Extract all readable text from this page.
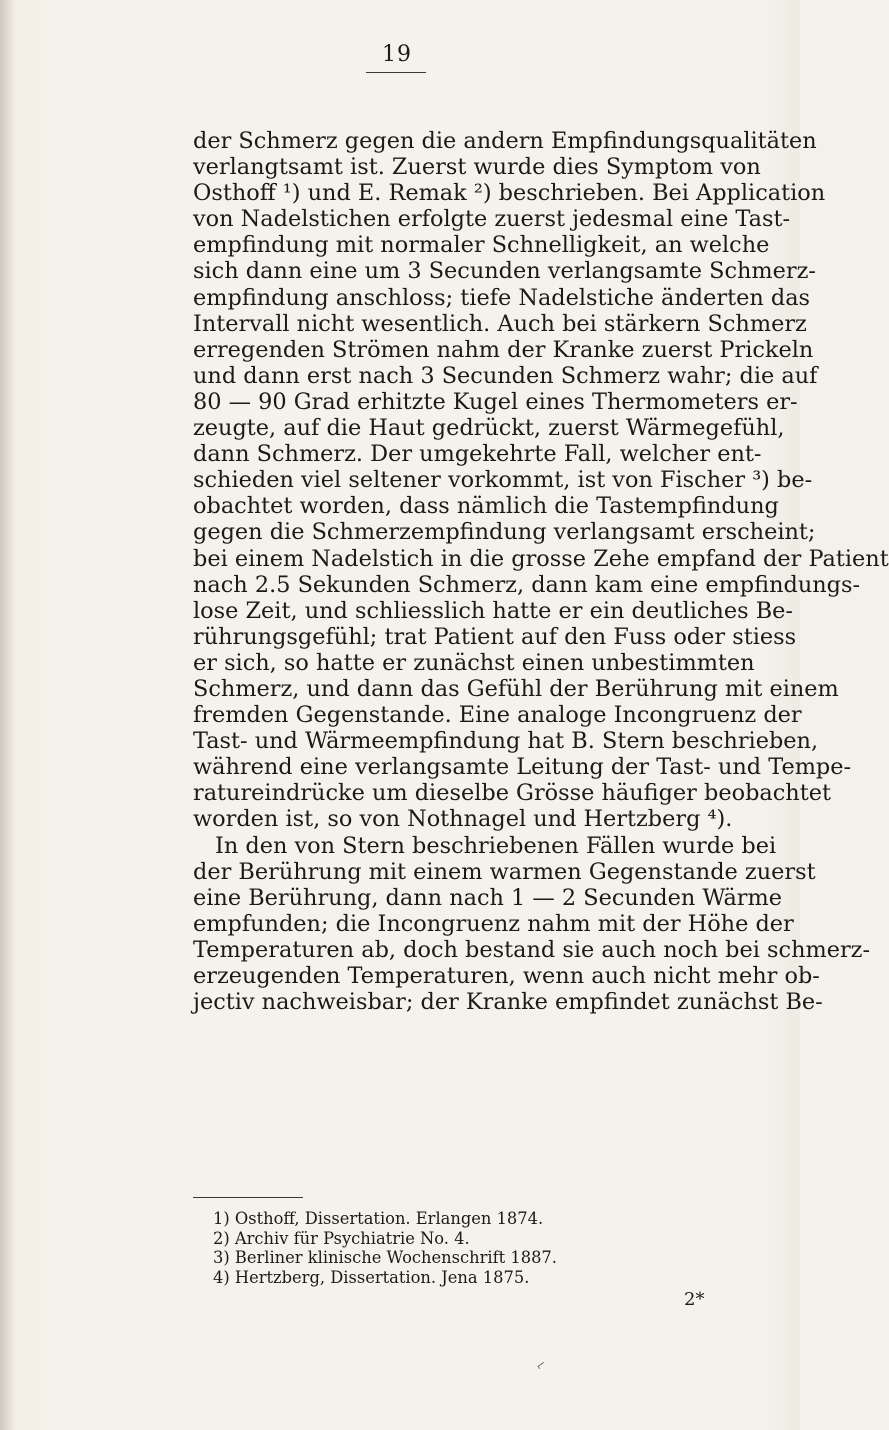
19
der Schmerz gegen die andern Empfindungsqualitäten
verlangtsamt ist. Zuerst wurde dies Symptom von
Osthoff ¹) und E. Remak ²) beschrieben. Bei Application
von Nadelstichen erfolgte zuerst jedesmal eine Tast-
empfindung mit normaler Schnelligkeit, an welche
sich dann eine um 3 Secunden verlangsamte Schmerz-
empfindung anschloss; tiefe Nadelstiche änderten das
Intervall nicht wesentlich. Auch bei stärkern Schmerz
erregenden Strömen nahm der Kranke zuerst Prickeln
und dann erst nach 3 Secunden Schmerz wahr; die auf
80 — 90 Grad erhitzte Kugel eines Thermometers er-
zeugte, auf die Haut gedrückt, zuerst Wärmegefühl,
dann Schmerz. Der umgekehrte Fall, welcher ent-
schieden viel seltener vorkommt, ist von Fischer ³) be-
obachtet worden, dass nämlich die Tastempfindung
gegen die Schmerzempfindung verlangsamt erscheint;
bei einem Nadelstich in die grosse Zehe empfand der Patient
nach 2.5 Sekunden Schmerz, dann kam eine empfindungs-
lose Zeit, und schliesslich hatte er ein deutliches Be-
rührungsgefühl; trat Patient auf den Fuss oder stiess
er sich, so hatte er zunächst einen unbestimmten
Schmerz, und dann das Gefühl der Berührung mit einem
fremden Gegenstande. Eine analoge Incongruenz der
Tast- und Wärmeempfindung hat B. Stern beschrieben,
während eine verlangsamte Leitung der Tast- und Tempe-
ratureindrücke um dieselbe Grösse häufiger beobachtet
worden ist, so von Nothnagel und Hertzberg ⁴).
In den von Stern beschriebenen Fällen wurde bei
der Berührung mit einem warmen Gegenstande zuerst
eine Berührung, dann nach 1 — 2 Secunden Wärme
empfunden; die Incongruenz nahm mit der Höhe der
Temperaturen ab, doch bestand sie auch noch bei schmerz-
erzeugenden Temperaturen, wenn auch nicht mehr ob-
jectiv nachweisbar; der Kranke empfindet zunächst Be-
1) Osthoff, Dissertation. Erlangen 1874.
2) Archiv für Psychiatrie No. 4.
3) Berliner klinische Wochenschrift 1887.
4) Hertzberg, Dissertation. Jena 1875.
2*
⌐
